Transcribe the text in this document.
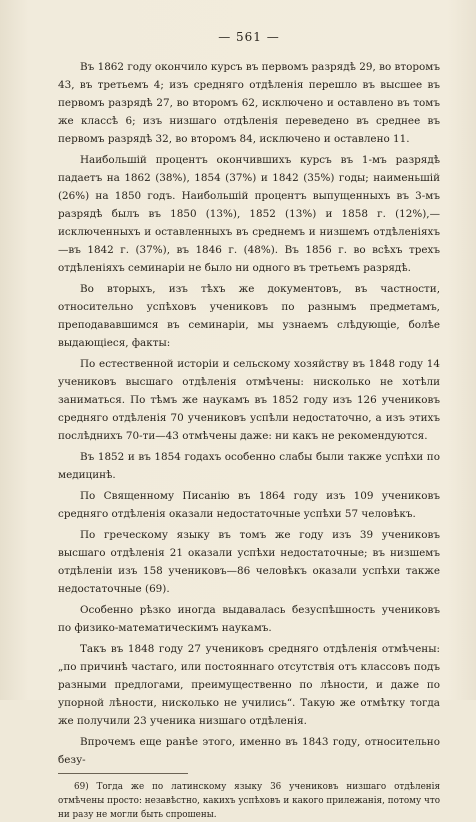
— 561 —

Въ 1862 году окончило курсъ въ первомъ разрядѣ 29, во второмъ 43, въ третьемъ 4; изъ средняго отдѣленія перешло въ высшее въ первомъ разрядѣ 27, во второмъ 62, исключено и оставлено въ томъ же классѣ 6; изъ низшаго отдѣленія переведено въ среднее въ первомъ разрядѣ 32, во второмъ 84, исключено и оставлено 11.

Наибольшій процентъ окончившихъ курсъ въ 1-мъ разрядѣ падаетъ на 1862 (38%), 1854 (37%) и 1842 (35%) годы; наименьшій (26%) на 1850 годъ. Наибольшій процентъ выпущенныхъ въ 3-мъ разрядѣ былъ въ 1850 (13%), 1852 (13%) и 1858 г. (12%),—исключенныхъ и оставленныхъ въ среднемъ и низшемъ отдѣленіяхъ—въ 1842 г. (37%), въ 1846 г. (48%). Въ 1856 г. во всѣхъ трехъ отдѣленіяхъ семинаріи не было ни одного въ третьемъ разрядѣ.

Во вторыхъ, изъ тѣхъ же документовъ, въ частности, относительно успѣховъ учениковъ по разнымъ предметамъ, преподававшимся въ семинаріи, мы узнаемъ слѣдующіе, болѣе выдающіеся, факты:

По естественной исторіи и сельскому хозяйству въ 1848 году 14 учениковъ высшаго отдѣленія отмѣчены: нисколько не хотѣли заниматься. По тѣмъ же наукамъ въ 1852 году изъ 126 учениковъ средняго отдѣленія 70 учениковъ успѣли недостаточно, а изъ этихъ послѣднихъ 70-ти—43 отмѣчены даже: ни какъ не рекомендуются.

Въ 1852 и въ 1854 годахъ особенно слабы были также успѣхи по медицинѣ.

По Священному Писанію въ 1864 году изъ 109 учениковъ средняго отдѣленія оказали недостаточные успѣхи 57 человѣкъ.

По греческому языку въ томъ же году изъ 39 учениковъ высшаго отдѣленія 21 оказали успѣхи недостаточные; въ низшемъ отдѣленіи изъ 158 учениковъ—86 человѣкъ оказали успѣхи также недостаточные (69).

Особенно рѣзко иногда выдавалась безуспѣшность учениковъ по физико-математическимъ наукамъ.

Такъ въ 1848 году 27 учениковъ средняго отдѣленія отмѣчены: „по причинѣ частаго, или постояннаго отсутствія отъ классовъ подъ разными предлогами, преимущественно по лѣности, и даже по упорной лѣности, нисколько не учились“. Такую же отмѣтку тогда же получили 23 ученика низшаго отдѣленія.

Впрочемъ еще ранѣе этого, именно въ 1843 году, относительно безу-

69) Тогда же по латинскому языку 36 учениковъ низшаго отдѣленія отмѣчены просто: незавѣстно, какихъ успѣховъ и какого прилежанія, потому что ни разу не могли быть спрошены.
